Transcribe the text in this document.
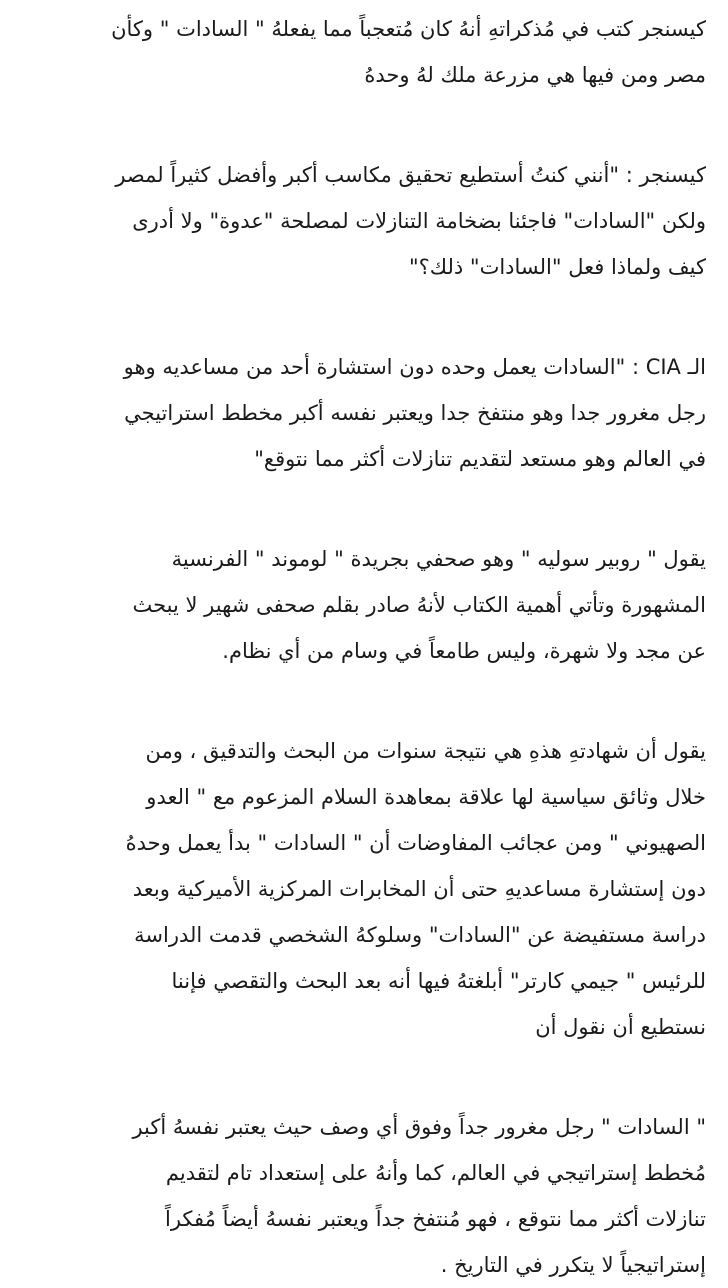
كيسنجر كتب في مُذكراتهِ أنهُ كان مُتعجباً مما يفعلهُ " السادات " وكأن
مصر ومن فيها هي مزرعة ملك لهُ وحدهُ

كيسنجر : "أنني كنتُ أستطيع تحقيق مكاسب أكبر وأفضل كثيراً لمصر
ولكن "السادات" فاجئنا بضخامة التنازلات لمصلحة "عدوة" ولا أدرى
كيف ولماذا فعل "السادات" ذلك؟"

الـ CIA : "السادات يعمل وحده دون استشارة أحد من مساعديه وهو
رجل مغرور جدا وهو منتفخ جدا ويعتبر نفسه أكبر مخطط استراتيجي
في العالم وهو مستعد لتقديم تنازلات أكثر مما نتوقع"

يقول " روبير سوليه " وهو صحفي بجريدة " لوموند " الفرنسية
المشهورة وتأتي أهمية الكتاب لأنهُ صادر بقلم صحفى شهير لا يبحث
عن مجد ولا شهرة، وليس طامعاً في وسام من أي نظام.

يقول أن شهادتهِ هذهِ هي نتيجة سنوات من البحث والتدقيق ، ومن
خلال وثائق سياسية لها علاقة بمعاهدة السلام المزعوم مع " العدو
الصهيوني " ومن عجائب المفاوضات أن " السادات " بدأ يعمل وحدهُ
دون إستشارة مساعديهِ حتى أن المخابرات المركزية الأميركية وبعد
دراسة مستفيضة عن "السادات" وسلوكهُ الشخصي قدمت الدراسة
للرئيس " جيمي كارتر" أبلغتهُ فيها أنه بعد البحث والتقصي فإننا
نستطيع أن نقول أن

" السادات " رجل مغرور جداً وفوق أي وصف حيث يعتبر نفسهُ أكبر
مُخطط إستراتيجي في العالم، كما وأنهُ على إستعداد تام لتقديم
تنازلات أكثر مما نتوقع ، فهو مُنتفخ جداً ويعتبر نفسهُ أيضاً مُفكراً
إستراتيجياً لا يتكرر في التاريخ .
